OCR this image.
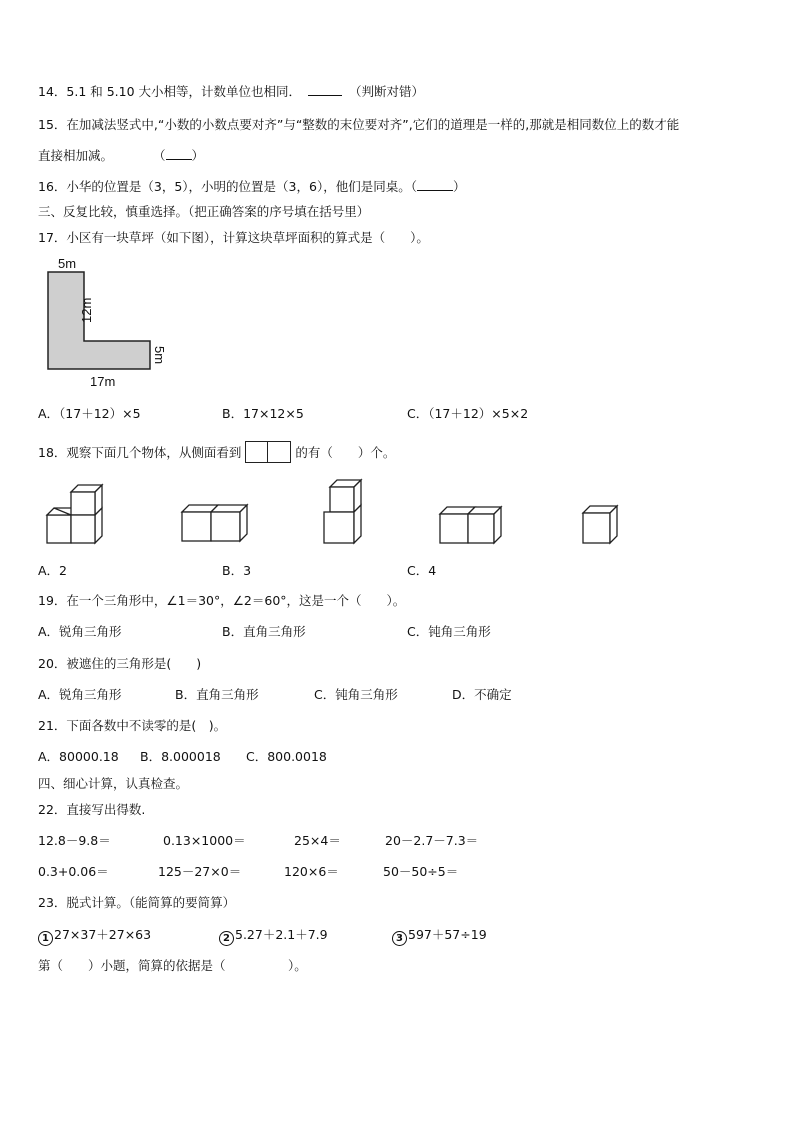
14．5.1 和 5.10 大小相等，计数单位也相同．	（判断对错）
15．在加减法竖式中,“小数的小数点要对齐”与“整数的末位要对齐”,它们的道理是一样的,那就是相同数位上的数才能
直接相加减。	（ ）
16．小华的位置是（3，5），小明的位置是（3，6），他们是同桌。（	）
三、反复比较，慎重选择。（把正确答案的序号填在括号里）
17．小区有一块草坪（如下图），计算这块草坪面积的算式是（　　）。
5m
12m
5m
17m
A．（17＋12）×5	B．17×12×5	C．（17＋12）×5×2
18．观察下面几个物体，从侧面看到	的有（　　）个。
A．2	B．3	C．4
19．在一个三角形中，∠1＝30°，∠2＝60°，这是一个（　　）。
A．锐角三角形	B．直角三角形	C．钝角三角形
20．被遮住的三角形是(　　)
A．锐角三角形	B．直角三角形	C．钝角三角形	D．不确定
21．下面各数中不读零的是(　)。
A．80000.18 B．8.000018 C．800.0018
四、细心计算，认真检查。
22．直接写出得数.
12.8－9.8＝	0.13×1000＝	25×4＝	20－2.7－7.3＝
0.3+0.06＝	125－27×0＝	120×6＝	50－50÷5＝
23．脱式计算。（能简算的要简算）
1 27×37＋27×63	2 5.27＋2.1＋7.9	3 597＋57÷19
第（　　）小题，简算的依据是（　　　　　）。
